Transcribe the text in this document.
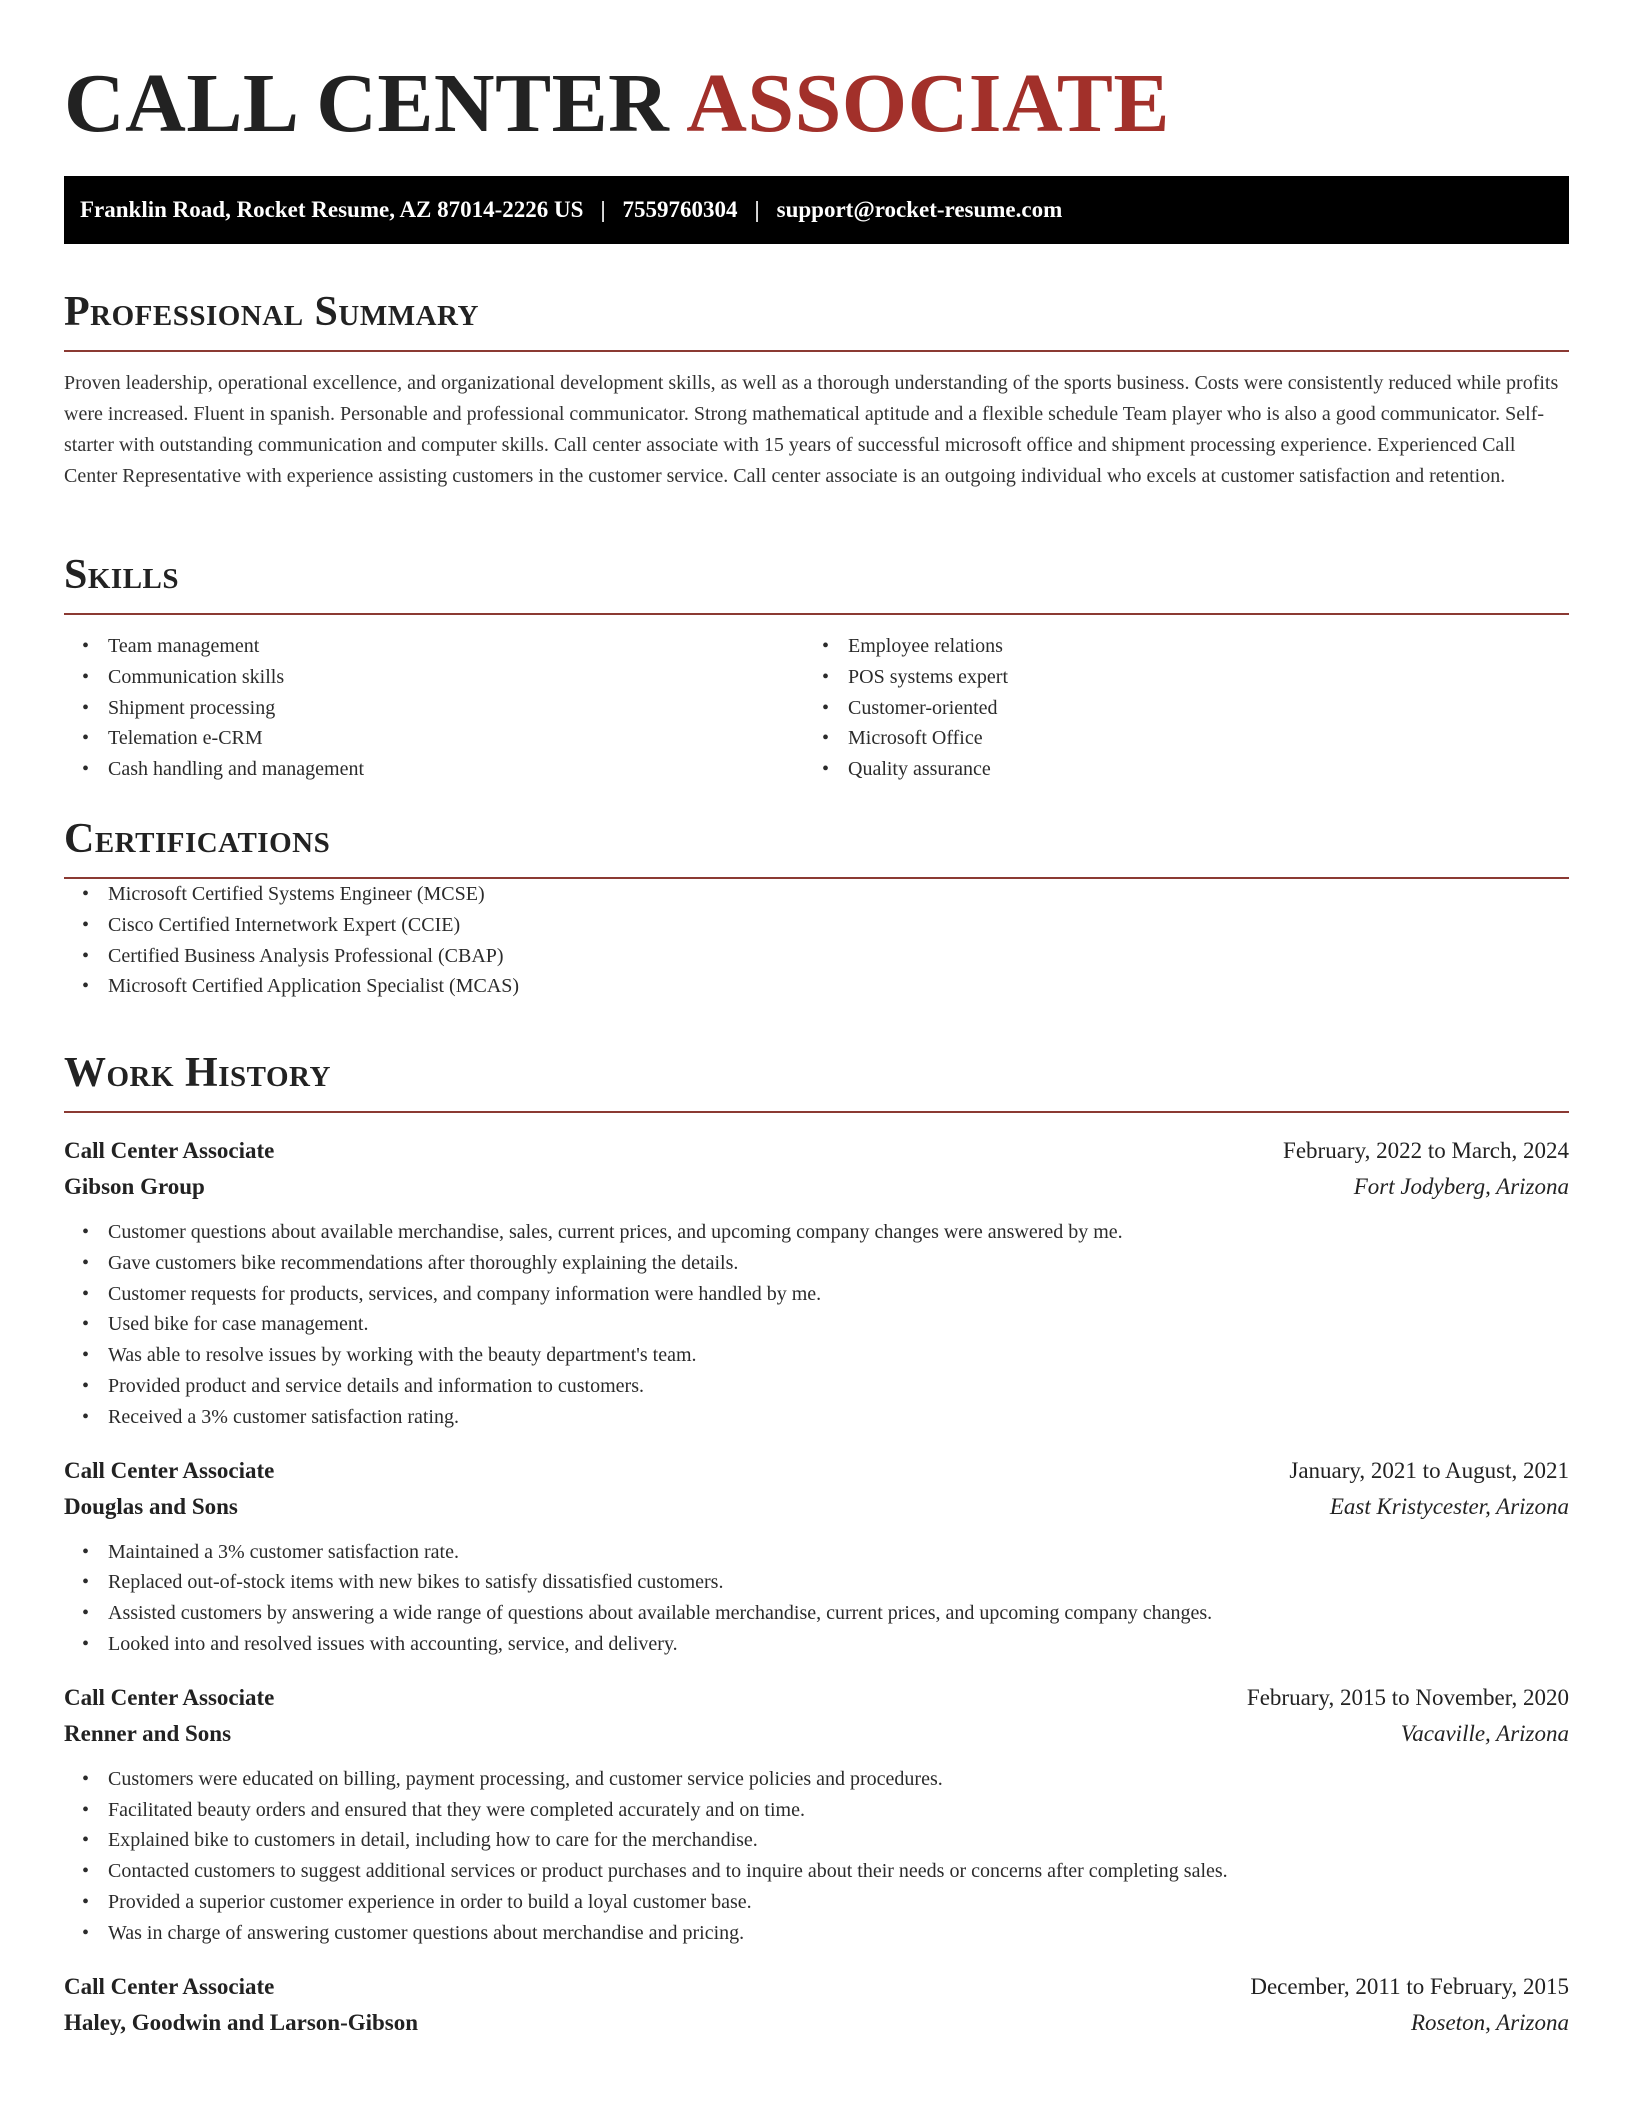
CALL CENTER ASSOCIATE
Franklin Road, Rocket Resume, AZ 87014-2226 US | 7559760304 | support@rocket-resume.com
Professional Summary

Proven leadership, operational excellence, and organizational development skills, as well as a thorough understanding of the sports business. Costs were consistently reduced while profits were increased. Fluent in spanish. Personable and professional communicator. Strong mathematical aptitude and a flexible schedule Team player who is also a good communicator. Self-starter with outstanding communication and computer skills. Call center associate with 15 years of successful microsoft office and shipment processing experience. Experienced Call Center Representative with experience assisting customers in the customer service. Call center associate is an outgoing individual who excels at customer satisfaction and retention.

Skills
• Team management
• Communication skills
• Shipment processing
• Telemation e-CRM
• Cash handling and management
• Employee relations
• POS systems expert
• Customer-oriented
• Microsoft Office
• Quality assurance
Certifications
• Microsoft Certified Systems Engineer (MCSE)
• Cisco Certified Internetwork Expert (CCIE)
• Certified Business Analysis Professional (CBAP)
• Microsoft Certified Application Specialist (MCAS)
Work History
Call Center Associate	February, 2022 to March, 2024
Gibson Group	Fort Jodyberg, Arizona
• Customer questions about available merchandise, sales, current prices, and upcoming company changes were answered by me.
• Gave customers bike recommendations after thoroughly explaining the details.
• Customer requests for products, services, and company information were handled by me.
• Used bike for case management.
• Was able to resolve issues by working with the beauty department's team.
• Provided product and service details and information to customers.
• Received a 3% customer satisfaction rating.
Call Center Associate	January, 2021 to August, 2021
Douglas and Sons	East Kristycester, Arizona
• Maintained a 3% customer satisfaction rate.
• Replaced out-of-stock items with new bikes to satisfy dissatisfied customers.
• Assisted customers by answering a wide range of questions about available merchandise, current prices, and upcoming company changes.
• Looked into and resolved issues with accounting, service, and delivery.
Call Center Associate	February, 2015 to November, 2020
Renner and Sons	Vacaville, Arizona
• Customers were educated on billing, payment processing, and customer service policies and procedures.
• Facilitated beauty orders and ensured that they were completed accurately and on time.
• Explained bike to customers in detail, including how to care for the merchandise.
• Contacted customers to suggest additional services or product purchases and to inquire about their needs or concerns after completing sales.
• Provided a superior customer experience in order to build a loyal customer base.
• Was in charge of answering customer questions about merchandise and pricing.
Call Center Associate	December, 2011 to February, 2015
Haley, Goodwin and Larson-Gibson	Roseton, Arizona
